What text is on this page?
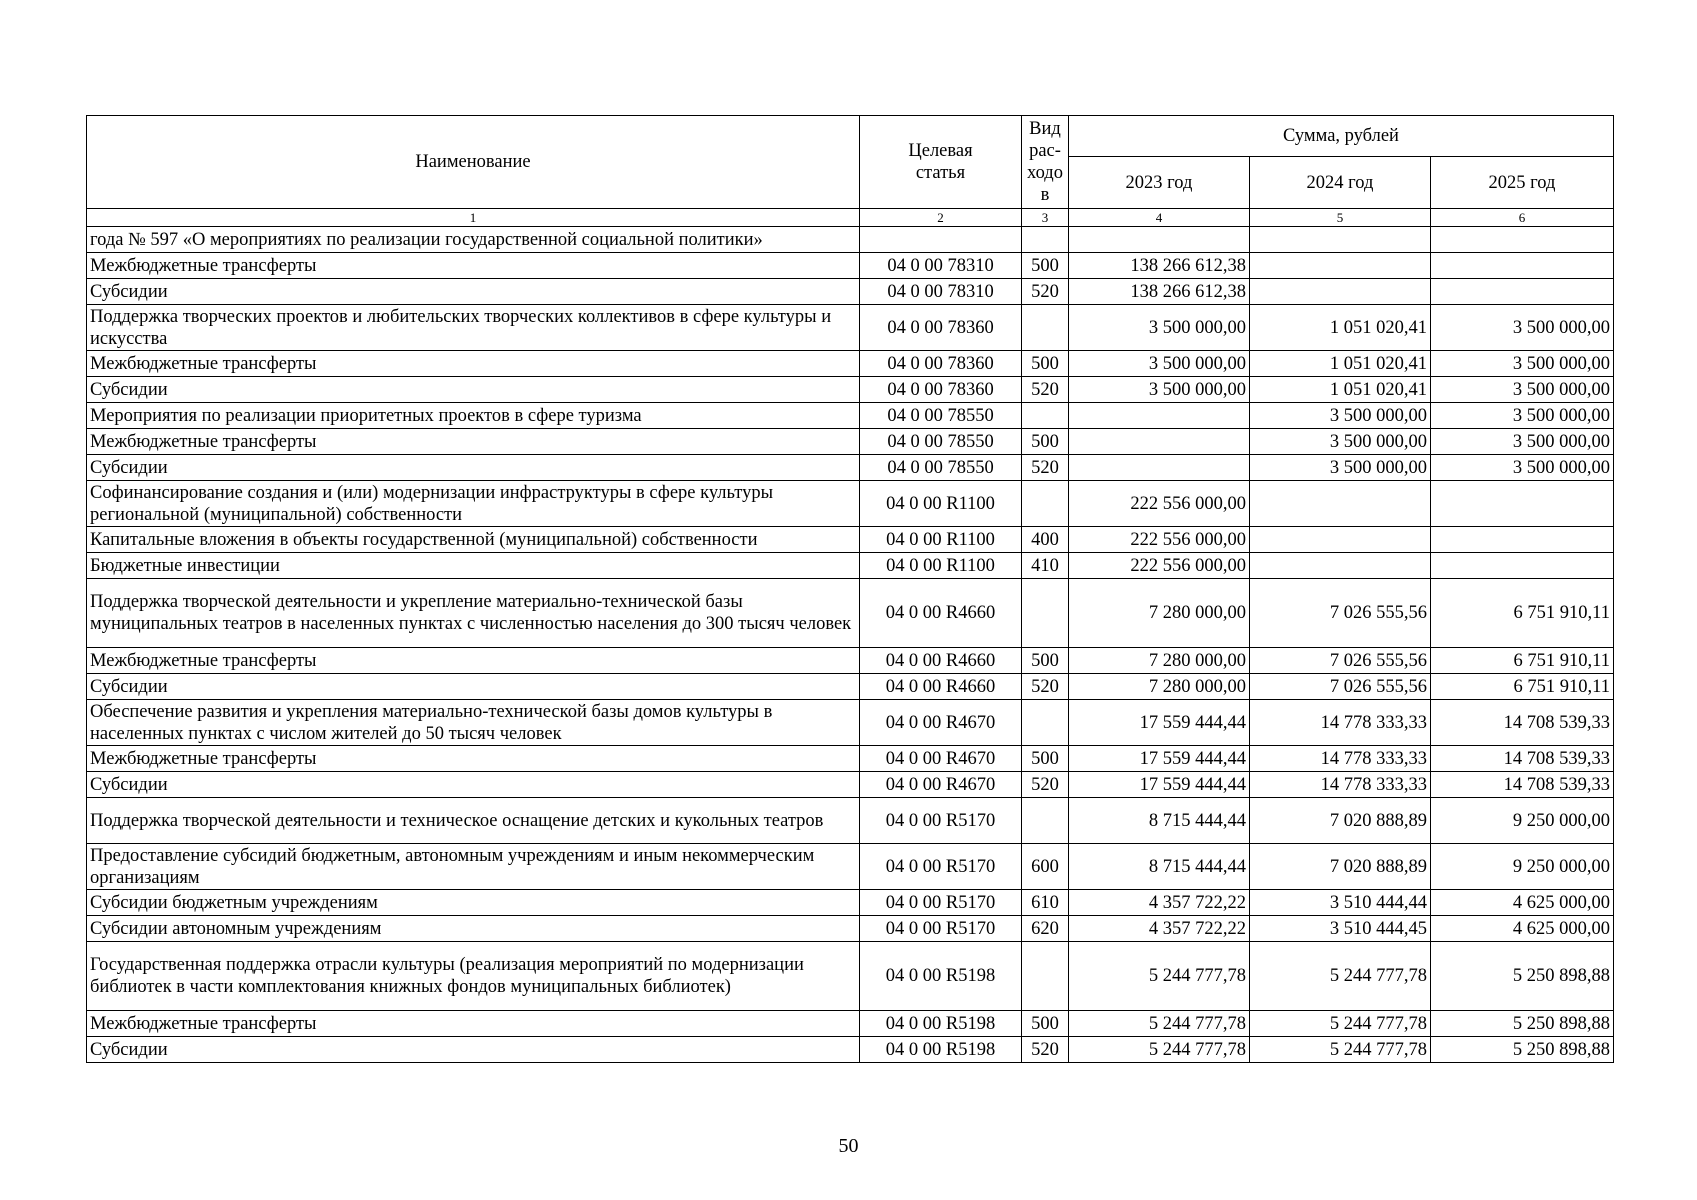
Наименование	Целевая статья	Вид рас-ходов	Сумма, рублей		
			2023 год	2024 год	2025 год
1	2	3	4	5	6
года № 597 «О мероприятиях по реализации государственной социальной политики»					
Межбюджетные трансферты	04 0 00 78310	500	138 266 612,38		
Субсидии	04 0 00 78310	520	138 266 612,38		
Поддержка творческих проектов и любительских творческих коллективов в сфере культуры и искусства	04 0 00 78360		3 500 000,00	1 051 020,41	3 500 000,00
Межбюджетные трансферты	04 0 00 78360	500	3 500 000,00	1 051 020,41	3 500 000,00
Субсидии	04 0 00 78360	520	3 500 000,00	1 051 020,41	3 500 000,00
Мероприятия по реализации приоритетных проектов в сфере туризма	04 0 00 78550			3 500 000,00	3 500 000,00
Межбюджетные трансферты	04 0 00 78550	500		3 500 000,00	3 500 000,00
Субсидии	04 0 00 78550	520		3 500 000,00	3 500 000,00
Софинансирование создания и (или) модернизации инфраструктуры в сфере культуры региональной (муниципальной) собственности	04 0 00 R1100		222 556 000,00		
Капитальные вложения в объекты государственной (муниципальной) собственности	04 0 00 R1100	400	222 556 000,00		
Бюджетные инвестиции	04 0 00 R1100	410	222 556 000,00		
Поддержка творческой деятельности и укрепление материально-технической базы муниципальных театров в населенных пунктах с численностью населения до 300 тысяч человек	04 0 00 R4660		7 280 000,00	7 026 555,56	6 751 910,11
Межбюджетные трансферты	04 0 00 R4660	500	7 280 000,00	7 026 555,56	6 751 910,11
Субсидии	04 0 00 R4660	520	7 280 000,00	7 026 555,56	6 751 910,11
Обеспечение развития и укрепления материально-технической базы домов культуры в населенных пунктах с числом жителей до 50 тысяч человек	04 0 00 R4670		17 559 444,44	14 778 333,33	14 708 539,33
Межбюджетные трансферты	04 0 00 R4670	500	17 559 444,44	14 778 333,33	14 708 539,33
Субсидии	04 0 00 R4670	520	17 559 444,44	14 778 333,33	14 708 539,33
Поддержка творческой деятельности и техническое оснащение детских и кукольных театров	04 0 00 R5170		8 715 444,44	7 020 888,89	9 250 000,00
Предоставление субсидий бюджетным, автономным учреждениям и иным некоммерческим организациям	04 0 00 R5170	600	8 715 444,44	7 020 888,89	9 250 000,00
Субсидии бюджетным учреждениям	04 0 00 R5170	610	4 357 722,22	3 510 444,44	4 625 000,00
Субсидии автономным учреждениям	04 0 00 R5170	620	4 357 722,22	3 510 444,45	4 625 000,00
Государственная поддержка отрасли культуры (реализация мероприятий по модернизации библиотек в части комплектования книжных фондов муниципальных библиотек)	04 0 00 R5198		5 244 777,78	5 244 777,78	5 250 898,88
Межбюджетные трансферты	04 0 00 R5198	500	5 244 777,78	5 244 777,78	5 250 898,88
Субсидии	04 0 00 R5198	520	5 244 777,78	5 244 777,78	5 250 898,88
50
